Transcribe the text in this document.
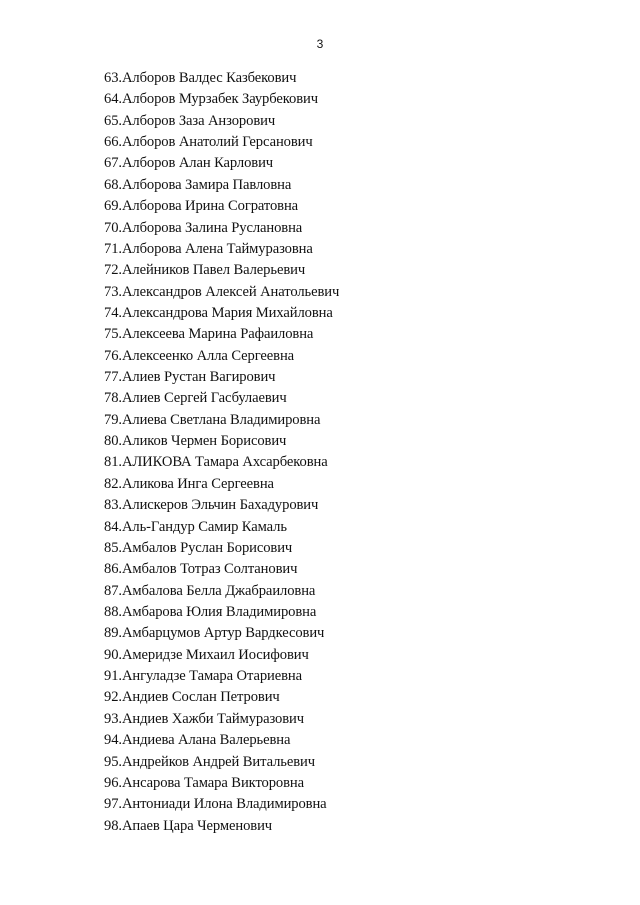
3
63.Алборов Валдес Казбекович
64.Алборов Мурзабек Заурбекович
65.Алборов Заза Анзорович
66.Алборов Анатолий Герсанович
67.Алборов Алан Карлович
68.Алборова Замира Павловна
69.Алборова Ирина Согратовна
70.Алборова Залина Руслановна
71.Алборова Алена Таймуразовна
72.Алейников Павел Валерьевич
73.Александров Алексей Анатольевич
74.Александрова Мария Михайловна
75.Алексеева Марина Рафаиловна
76.Алексеенко Алла Сергеевна
77.Алиев Рустан Вагирович
78.Алиев Сергей Гасбулаевич
79.Алиева Светлана Владимировна
80.Аликов Чермен Борисович
81.АЛИКОВА Тамара Ахсарбековна
82.Аликова Инга Сергеевна
83.Алискеров Эльчин Бахадурович
84.Аль-Гандур Самир Камаль
85.Амбалов Руслан Борисович
86.Амбалов Тотраз Солтанович
87.Амбалова Белла Джабраиловна
88.Амбарова Юлия Владимировна
89.Амбарцумов Артур Вардкесович
90.Америдзе Михаил Иосифович
91.Ангуладзе Тамара Отариевна
92.Андиев Сослан Петрович
93.Андиев Хажби Таймуразович
94.Андиева Алана Валерьевна
95.Андрейков Андрей Витальевич
96.Ансарова Тамара Викторовна
97.Антониади Илона Владимировна
98.Апаев Цара Черменович
